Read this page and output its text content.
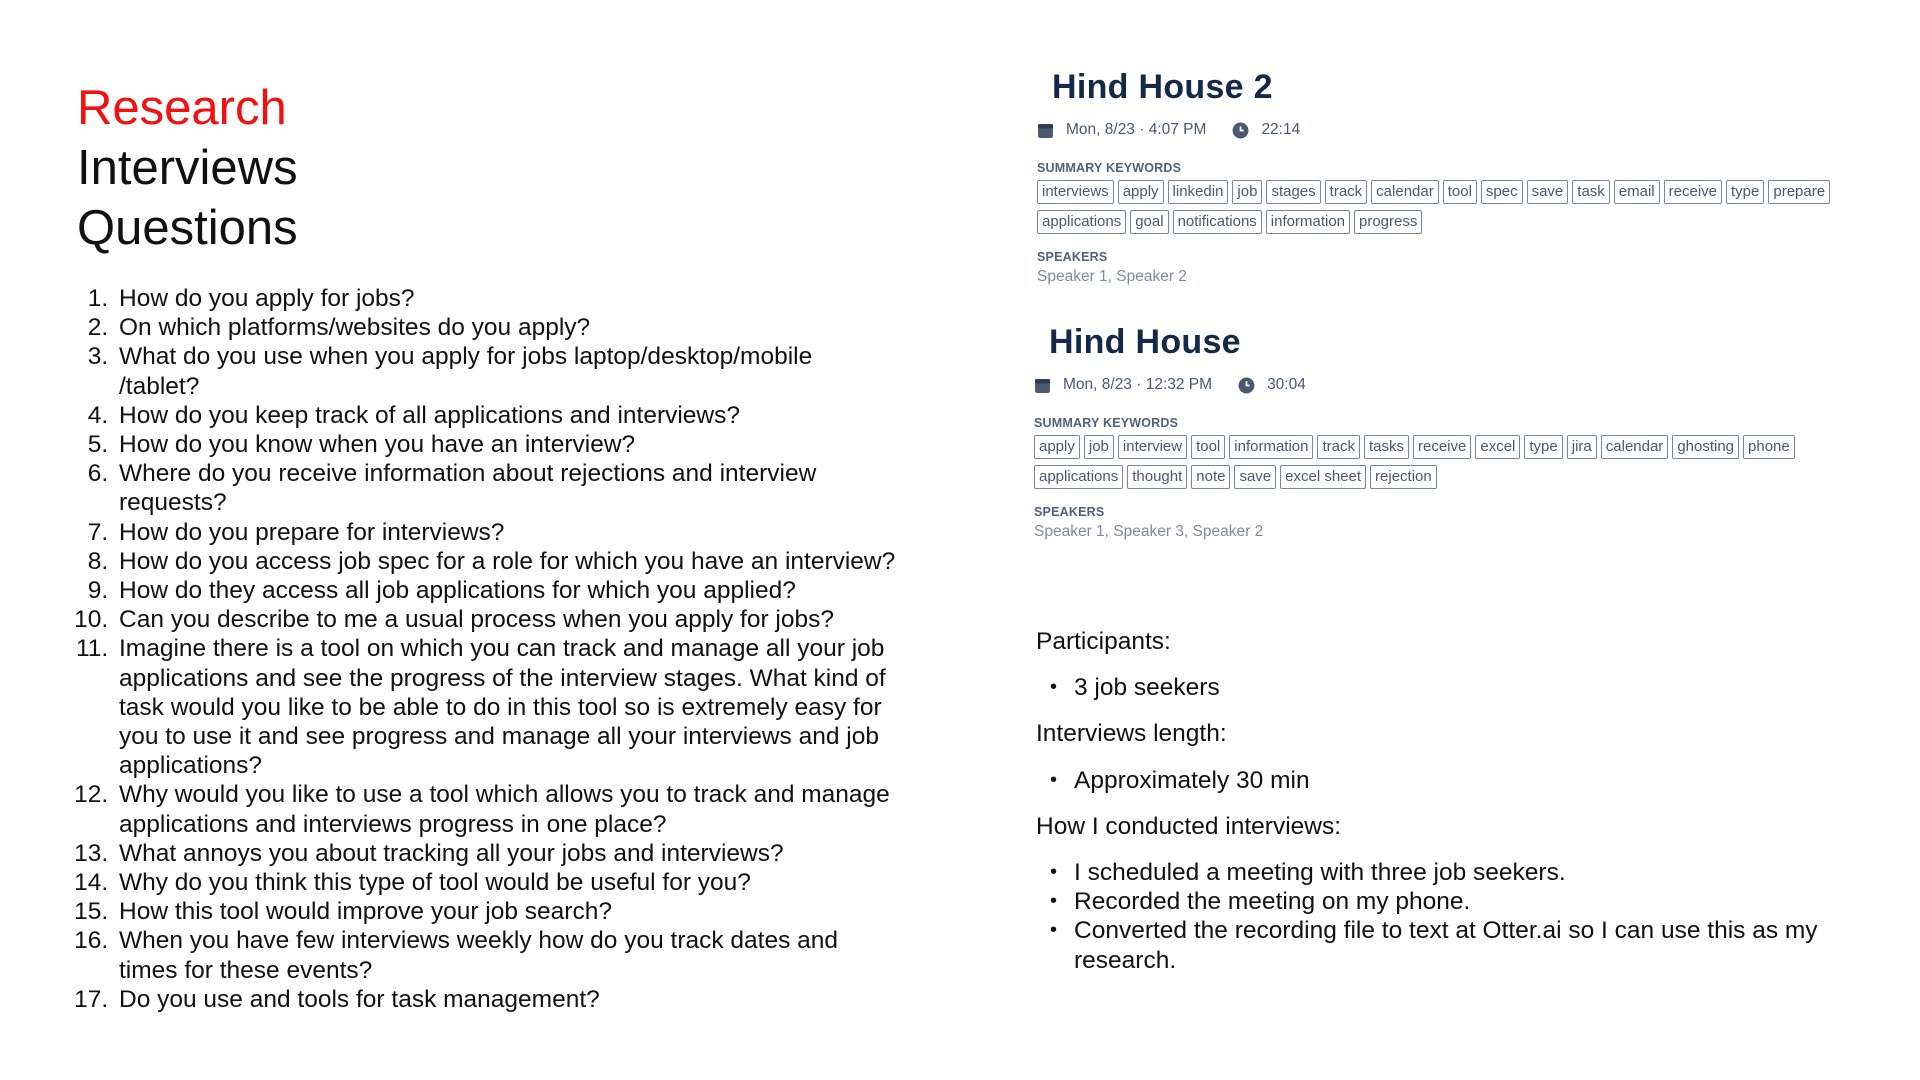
Research
Interviews
Questions
1. How do you apply for jobs?
2. On which platforms/websites do you apply?
3. What do you use when you apply for jobs laptop/desktop/mobile /tablet?
4. How do you keep track of all applications and interviews?
5. How do you know when you have an interview?
6. Where do you receive information about rejections and interview requests?
7. How do you prepare for interviews?
8. How do you access job spec for a role for which you have an interview?
9. How do they access all job applications for which you applied?
10. Can you describe to me a usual process when you apply for jobs?
11. Imagine there is a tool on which you can track and manage all your job applications and see the progress of the interview stages. What kind of task would you like to be able to do in this tool so is extremely easy for you to use it and see progress and manage all your interviews and job applications?
12. Why would you like to use a tool which allows you to track and manage applications and interviews progress in one place?
13. What annoys you about tracking all your jobs and interviews?
14. Why do you think this type of tool would be useful for you?
15. How this tool would improve your job search?
16. When you have few interviews weekly how do you track dates and times for these events?
17. Do you use and tools for task management?
Hind House 2
Mon, 8/23 · 4:07 PM	22:14
SUMMARY KEYWORDS
interviews apply linkedin job stages track calendar tool spec save task email receive type prepare
applications goal notifications information progress
SPEAKERS
Speaker 1, Speaker 2
Hind House
Mon, 8/23 · 12:32 PM	30:04
SUMMARY KEYWORDS
apply job interview tool information track tasks receive excel type jira calendar ghosting phone
applications thought note save excel sheet rejection
SPEAKERS
Speaker 1, Speaker 3, Speaker 2

Participants:

• 3 job seekers

Interviews length:

• Approximately 30 min

How I conducted interviews:

• I scheduled a meeting with three job seekers.
• Recorded the meeting on my phone.
• Converted the recording file to text at Otter.ai so I can use this as my research.
